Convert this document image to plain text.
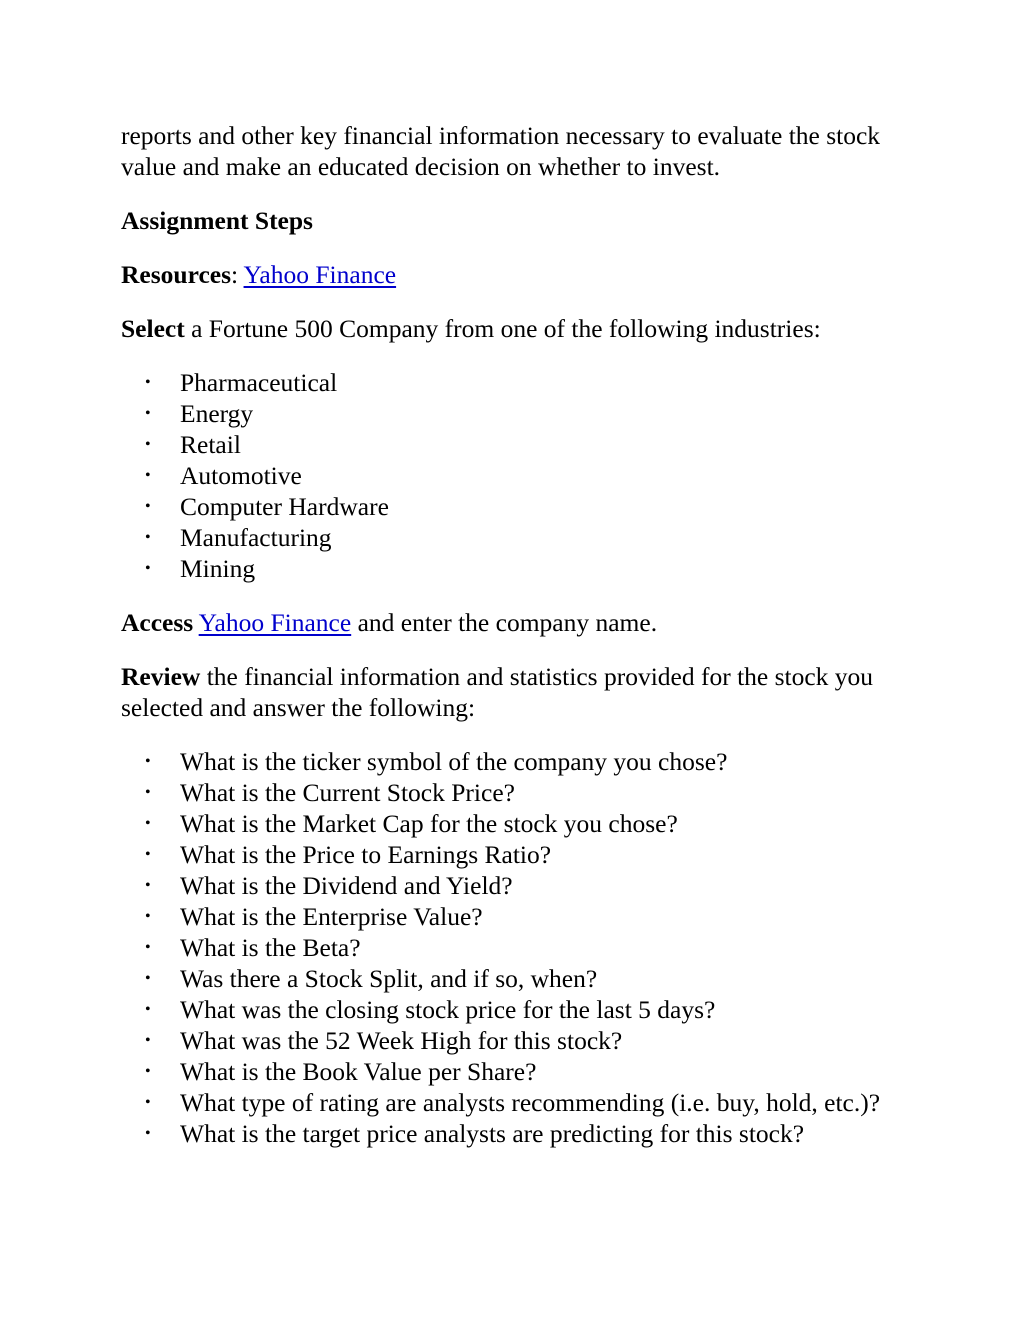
reports and other key financial information necessary to evaluate the stock value and make an educated decision on whether to invest.

Assignment Steps

Resources: Yahoo Finance

Select a Fortune 500 Company from one of the following industries:

• Pharmaceutical
• Energy
• Retail
• Automotive
• Computer Hardware
• Manufacturing
• Mining

Access Yahoo Finance and enter the company name.

Review the financial information and statistics provided for the stock you selected and answer the following:

• What is the ticker symbol of the company you chose?
• What is the Current Stock Price?
• What is the Market Cap for the stock you chose?
• What is the Price to Earnings Ratio?
• What is the Dividend and Yield?
• What is the Enterprise Value?
• What is the Beta?
• Was there a Stock Split, and if so, when?
• What was the closing stock price for the last 5 days?
• What was the 52 Week High for this stock?
• What is the Book Value per Share?
• What type of rating are analysts recommending (i.e. buy, hold, etc.)?
• What is the target price analysts are predicting for this stock?
